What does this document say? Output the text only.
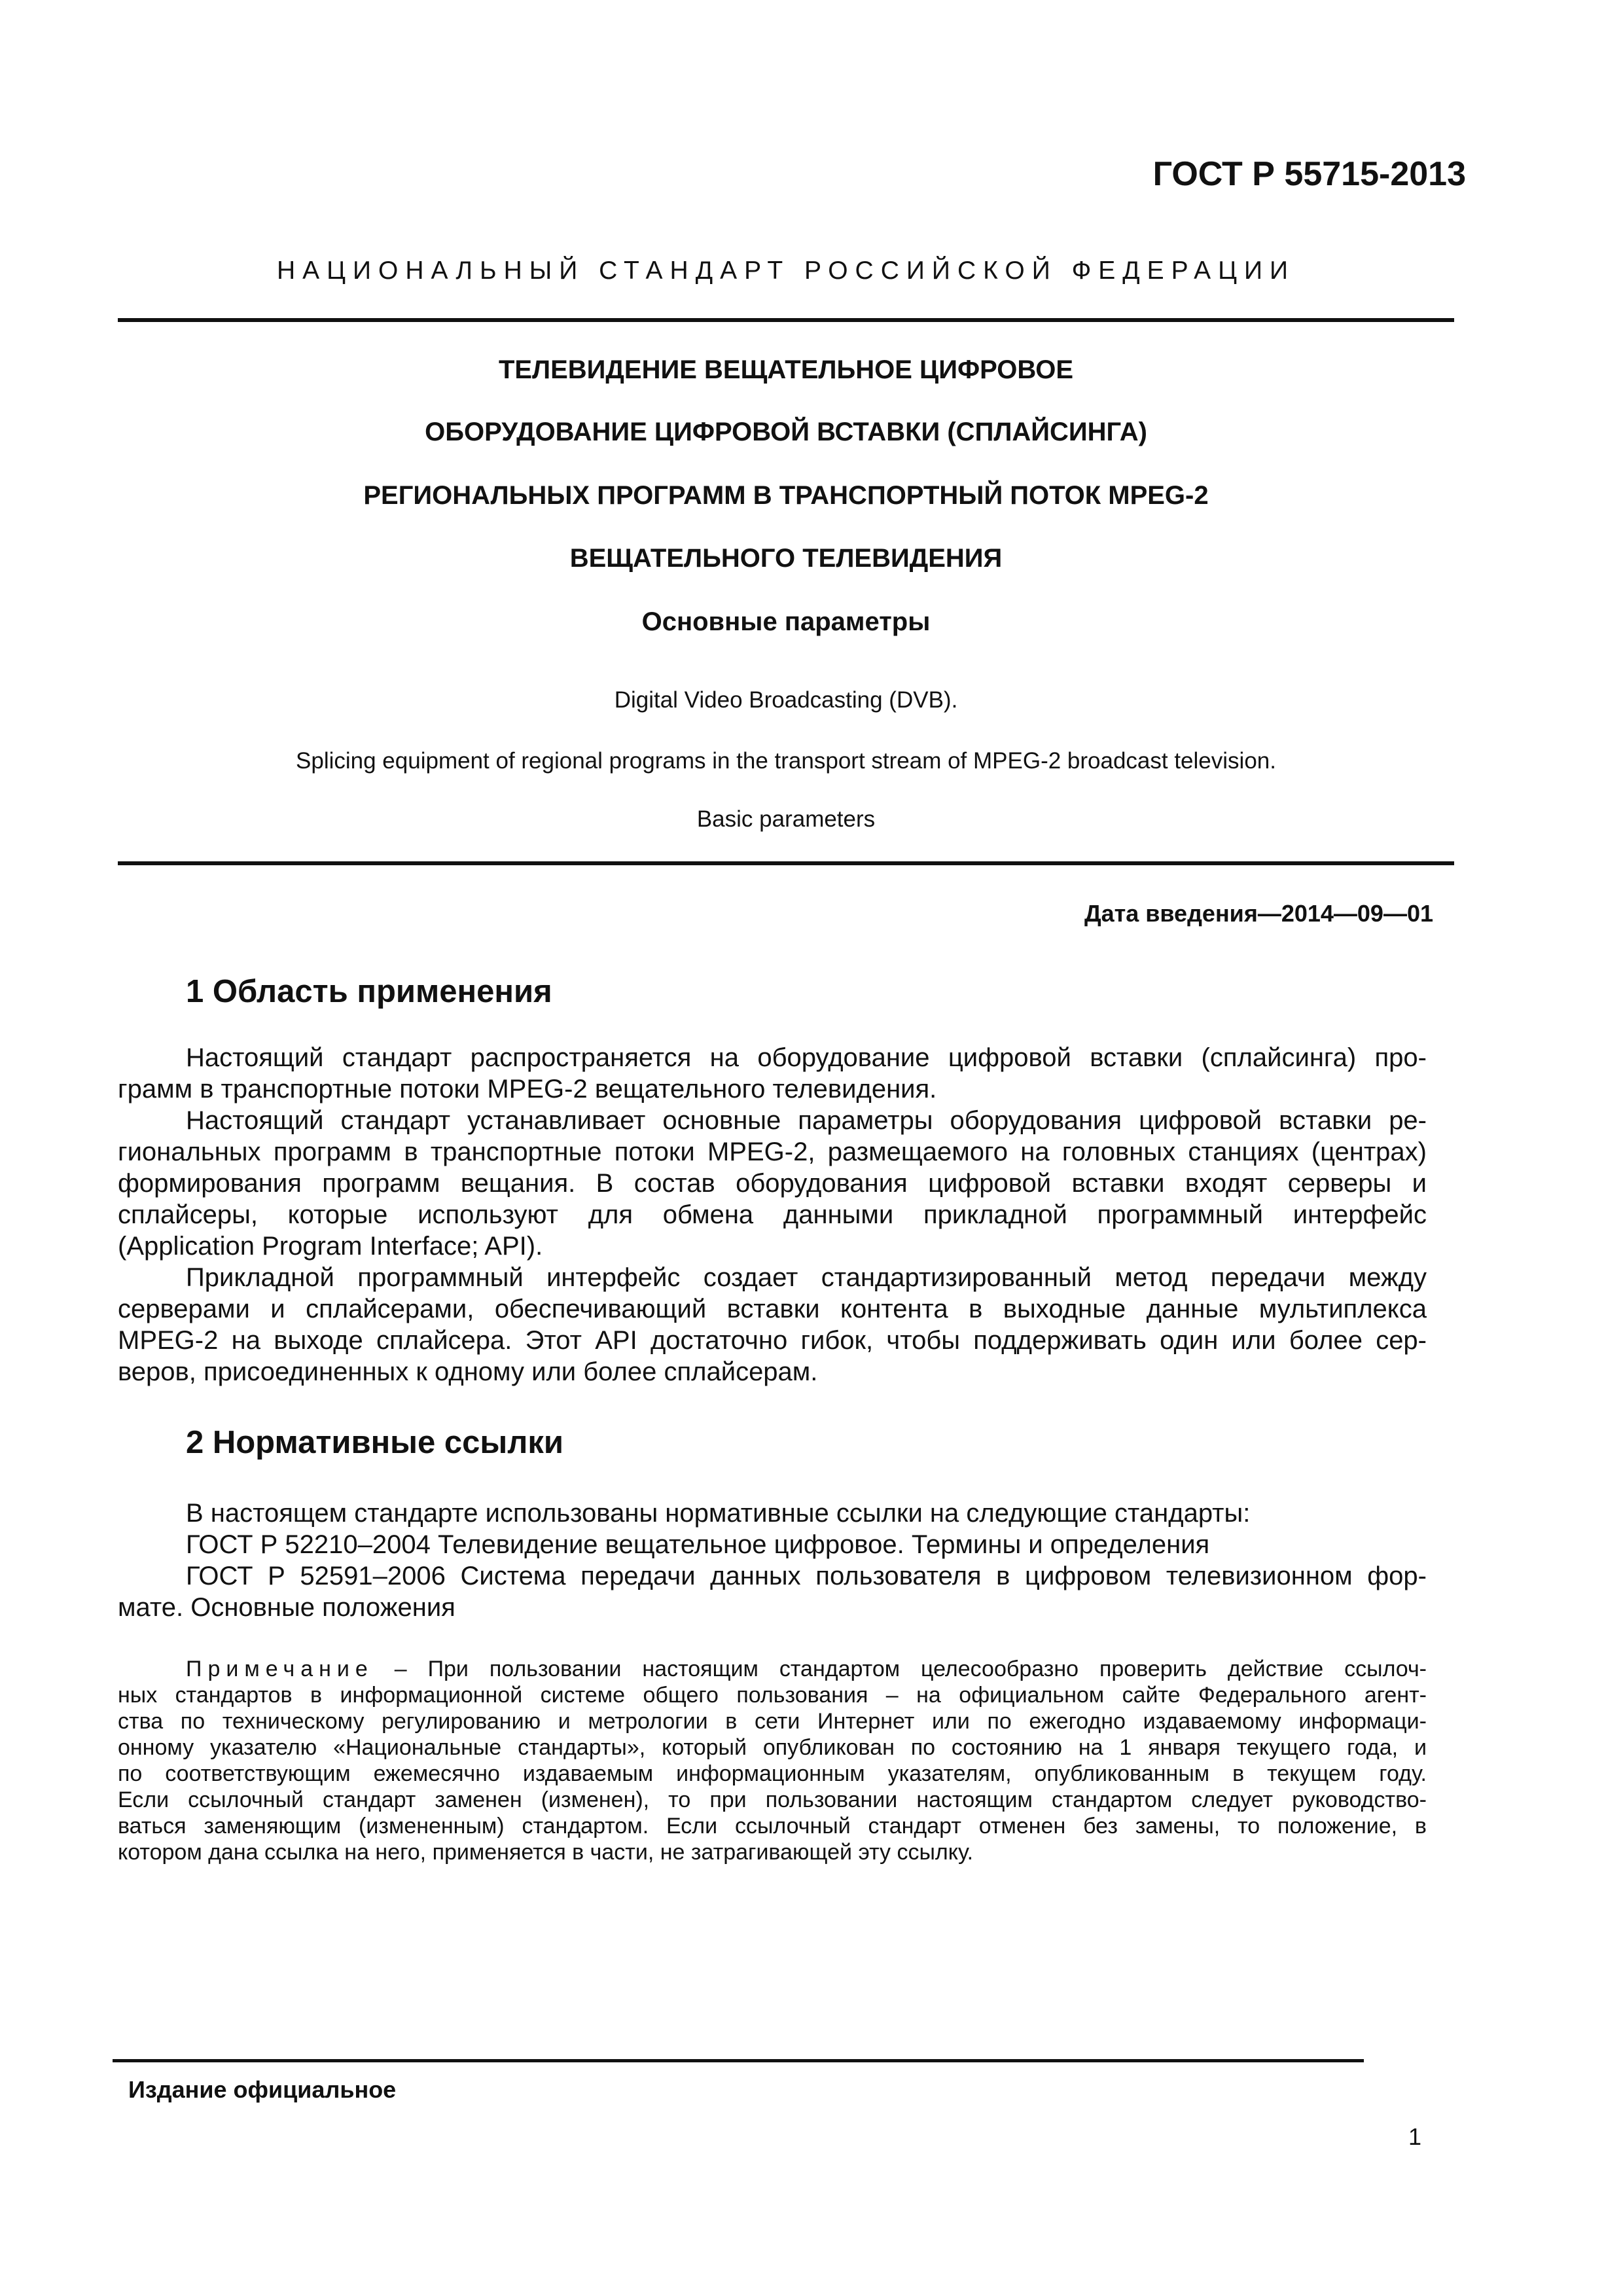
ГОСТ Р 55715-2013
НАЦИОНАЛЬНЫЙ СТАНДАРТ РОССИЙСКОЙ ФЕДЕРАЦИИ
ТЕЛЕВИДЕНИЕ ВЕЩАТЕЛЬНОЕ ЦИФРОВОЕ
ОБОРУДОВАНИЕ ЦИФРОВОЙ ВСТАВКИ (СПЛАЙСИНГА)
РЕГИОНАЛЬНЫХ ПРОГРАММ В ТРАНСПОРТНЫЙ ПОТОК MPEG-2
ВЕЩАТЕЛЬНОГО ТЕЛЕВИДЕНИЯ
Основные параметры
Digital Video Broadcasting (DVB).
Splicing equipment of regional programs in the transport stream of MPEG-2 broadcast television.
Basic parameters
Дата введения—2014—09—01
1 Область применения
Настоящий стандарт распространяется на оборудование цифровой вставки (сплайсинга) про-
грамм в транспортные потоки MPEG-2 вещательного телевидения.
Настоящий стандарт устанавливает основные параметры оборудования цифровой вставки ре-
гиональных программ в транспортные потоки MPEG-2, размещаемого на головных станциях (центрах)
формирования программ вещания. В состав оборудования цифровой вставки входят серверы и
сплайсеры, которые используют для обмена данными прикладной программный интерфейс
(Application Program Interface; API).
Прикладной программный интерфейс создает стандартизированный метод передачи между
серверами и сплайсерами, обеспечивающий вставки контента в выходные данные мультиплекса
MPEG-2 на выходе сплайсера. Этот API достаточно гибок, чтобы поддерживать один или более сер-
веров, присоединенных к одному или более сплайсерам.
2 Нормативные ссылки
В настоящем стандарте использованы нормативные ссылки на следующие стандарты:
ГОСТ Р 52210–2004 Телевидение вещательное цифровое. Термины и определения
ГОСТ Р 52591–2006 Система передачи данных пользователя в цифровом телевизионном фор-
мате. Основные положения
Примечание – При пользовании настоящим стандартом целесообразно проверить действие ссылоч-
ных стандартов в информационной системе общего пользования – на официальном сайте Федерального агент-
ства по техническому регулированию и метрологии в сети Интернет или по ежегодно издаваемому информаци-
онному указателю «Национальные стандарты», который опубликован по состоянию на 1 января текущего года, и
по соответствующим ежемесячно издаваемым информационным указателям, опубликованным в текущем году.
Если ссылочный стандарт заменен (изменен), то при пользовании настоящим стандартом следует руководство-
ваться заменяющим (измененным) стандартом. Если ссылочный стандарт отменен без замены, то положение, в
котором дана ссылка на него, применяется в части, не затрагивающей эту ссылку.
Издание официальное
1
